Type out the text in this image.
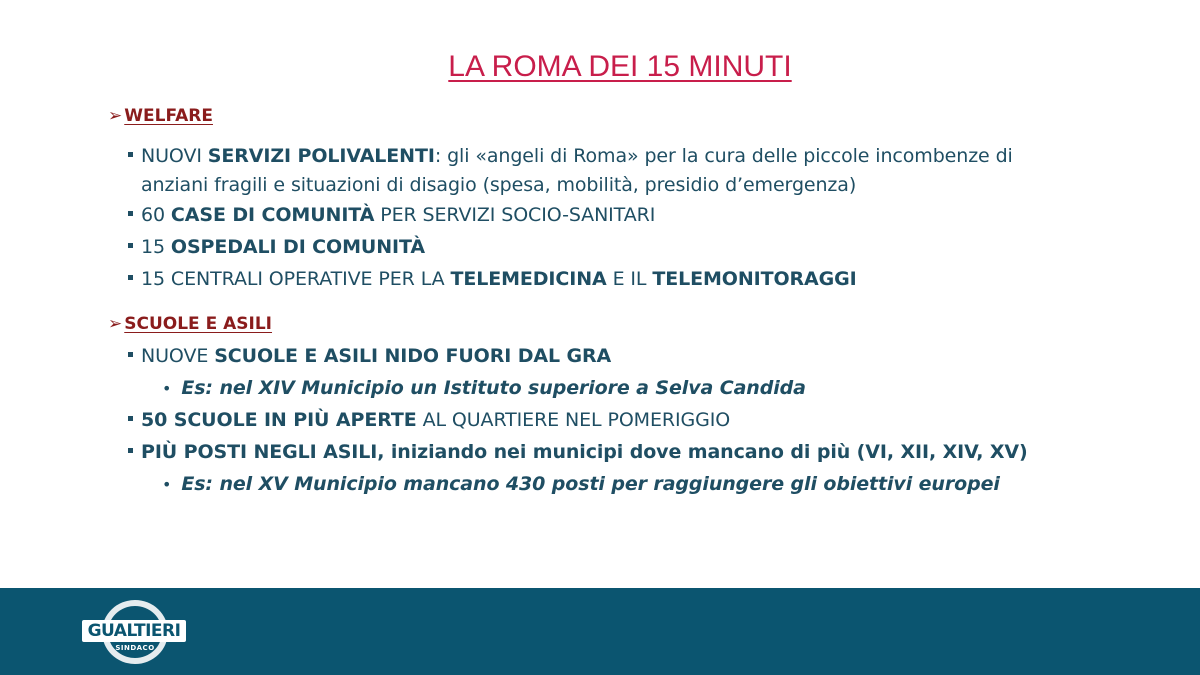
LA ROMA DEI 15 MINUTI
➢ WELFARE
NUOVI SERVIZI POLIVALENTI: gli «angeli di Roma» per la cura delle piccole incombenze di
anziani fragili e situazioni di disagio (spesa, mobilità, presidio d’emergenza)
60 CASE DI COMUNITÀ PER SERVIZI SOCIO-SANITARI
15 OSPEDALI DI COMUNITÀ
15 CENTRALI OPERATIVE PER LA TELEMEDICINA E IL TELEMONITORAGGI
➢ SCUOLE E ASILI
NUOVE SCUOLE E ASILI NIDO FUORI DAL GRA
• Es: nel XIV Municipio un Istituto superiore a Selva Candida
50 SCUOLE IN PIÙ APERTE AL QUARTIERE NEL POMERIGGIO
PIÙ POSTI NEGLI ASILI, iniziando nei municipi dove mancano di più (VI, XII, XIV, XV)
• Es: nel XV Municipio mancano 430 posti per raggiungere gli obiettivi europei
GUALTIERI
SINDACO
